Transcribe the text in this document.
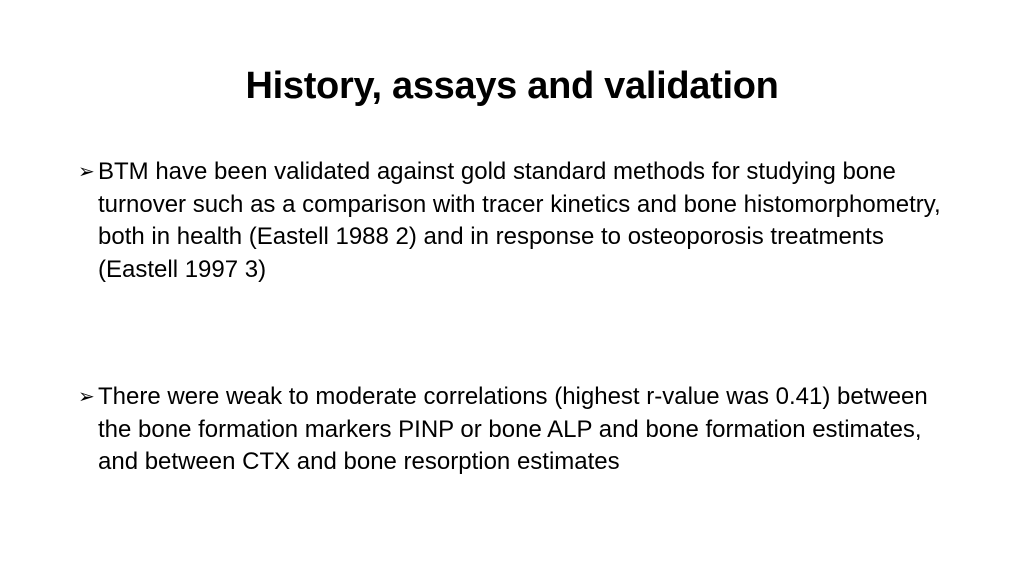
History, assays and validation
➢ BTM have been validated against gold standard methods for studying bone turnover such as a comparison with tracer kinetics and bone histomorphometry, both in health (Eastell 1988 2) and in response to osteoporosis treatments (Eastell 1997 3)
➢ There were weak to moderate correlations (highest r-value was 0.41) between the bone formation markers PINP or bone ALP and bone formation estimates, and between CTX and bone resorption estimates
